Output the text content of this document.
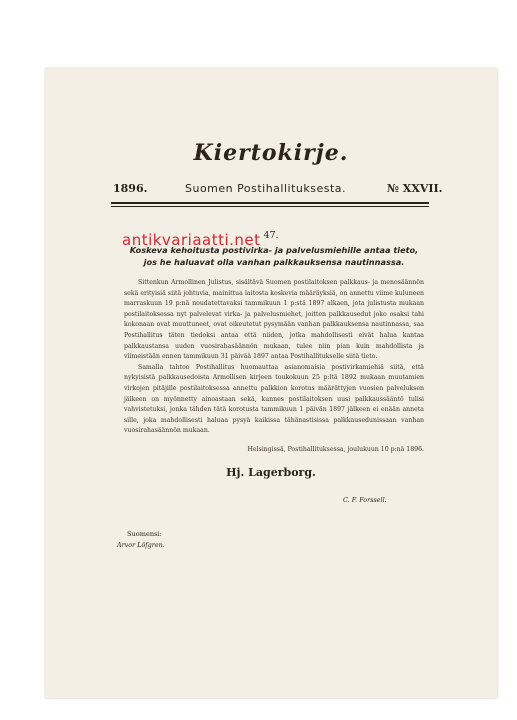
Kiertokirje.
1896.	Suomen Postihallituksesta.	№ XXVII.
47.
Koskeva kehoitusta postivirka- ja palvelusmiehille antaa tieto, jos he haluavat olla vanhan palkkauksensa nautinnassa.

Sittenkun Armollinen Julistus, sisältävä Suomen postilaitoksen palkkaus- ja menosäännön sekä erityisiä siitä johtuvia, mainittua laitosta koskevia määräyksiä, on annettu viime kuluneen marraskuun 19 p:nä noudatettavaksi tammikuun 1 p:stä 1897 alkaen, jota julistusta mukaan postilaitoksessa nyt palvelevat virka- ja palvelusmiehet, joitten palkkausedut joko osaksi tahi kokonaan ovat muuttuneet, ovat oikeutetut pysymään vanhan palkkauksensa nautinnassa, saa Postihallitus täten tiedoksi antaa että niiden, jotka mahdollisesti eivät halua kantaa palkkaustansa uuden vuosirahasäännön mukaan, tulee niin pian kuin mahdollista ja viimeistään ennen tammikuun 31 päivää 1897 antaa Postihallitukselle siitä tieto.

Samalla tahtoo Postihallitus huomauttaa asianomaisia postivirkamiehiä siitä, että nykyisistä palkkausedoista Armollisen kirjeen toukokuun 25 p:ltä 1892 mukaan muutamien virkojen pitäjille postilaitoksessa annettu palkkion korotus määrättyjen vuosien palveluksen jälkeen on myönnetty ainoastaan sekä, kunnes postilaitoksen uusi palkkaussääntö tulisi vahvistetuksi, jonka tähden tätä korotusta tammikuun 1 päivän 1897 jälkeen ei enään anneta sille, joka mahdollisesti haluaa pysyä kaikissa tähänastisissa palkkausedunissaan vanhan vuosirahasäännön mukaan.

Helsingissä, Postihallituksessa, joulukuun 10 p:nä 1896.
Hj. Lagerborg.
C. F. Forssell.
Suomensi:
Arvor Löfgren.
antikvariaatti.net
